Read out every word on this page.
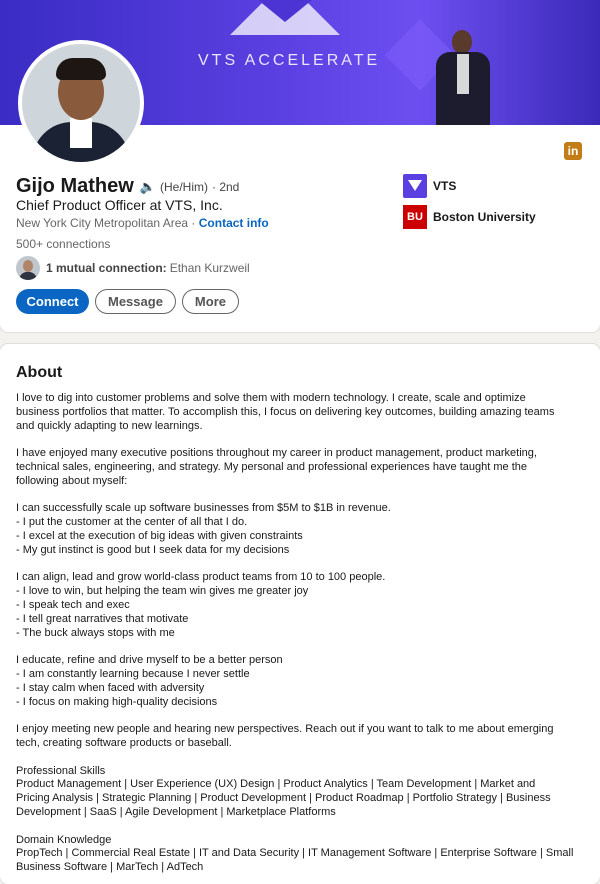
VTS ACCELERATE
in
Gijo Mathew 🔈 (He/Him) · 2nd
Chief Product Officer at VTS, Inc.
New York City Metropolitan Area · Contact info
500+ connections
1 mutual connection: Ethan Kurzweil
Connect	Message	More
VTS
BU Boston University
About
I love to dig into customer problems and solve them with modern technology. I create, scale and optimize
business portfolios that matter. To accomplish this, I focus on delivering key outcomes, building amazing teams
and quickly adapting to new learnings.

I have enjoyed many executive positions throughout my career in product management, product marketing,
technical sales, engineering, and strategy. My personal and professional experiences have taught me the
following about myself:

I can successfully scale up software businesses from $5M to $1B in revenue.
- I put the customer at the center of all that I do.
- I excel at the execution of big ideas with given constraints
- My gut instinct is good but I seek data for my decisions

I can align, lead and grow world-class product teams from 10 to 100 people.
- I love to win, but helping the team win gives me greater joy
- I speak tech and exec
- I tell great narratives that motivate
- The buck always stops with me

I educate, refine and drive myself to be a better person
- I am constantly learning because I never settle
- I stay calm when faced with adversity
- I focus on making high-quality decisions

I enjoy meeting new people and hearing new perspectives. Reach out if you want to talk to me about emerging
tech, creating software products or baseball.

Professional Skills
Product Management | User Experience (UX) Design | Product Analytics | Team Development | Market and
Pricing Analysis | Strategic Planning | Product Development | Product Roadmap | Portfolio Strategy | Business
Development | SaaS | Agile Development | Marketplace Platforms

Domain Knowledge
PropTech | Commercial Real Estate | IT and Data Security | IT Management Software | Enterprise Software | Small
Business Software | MarTech | AdTech
